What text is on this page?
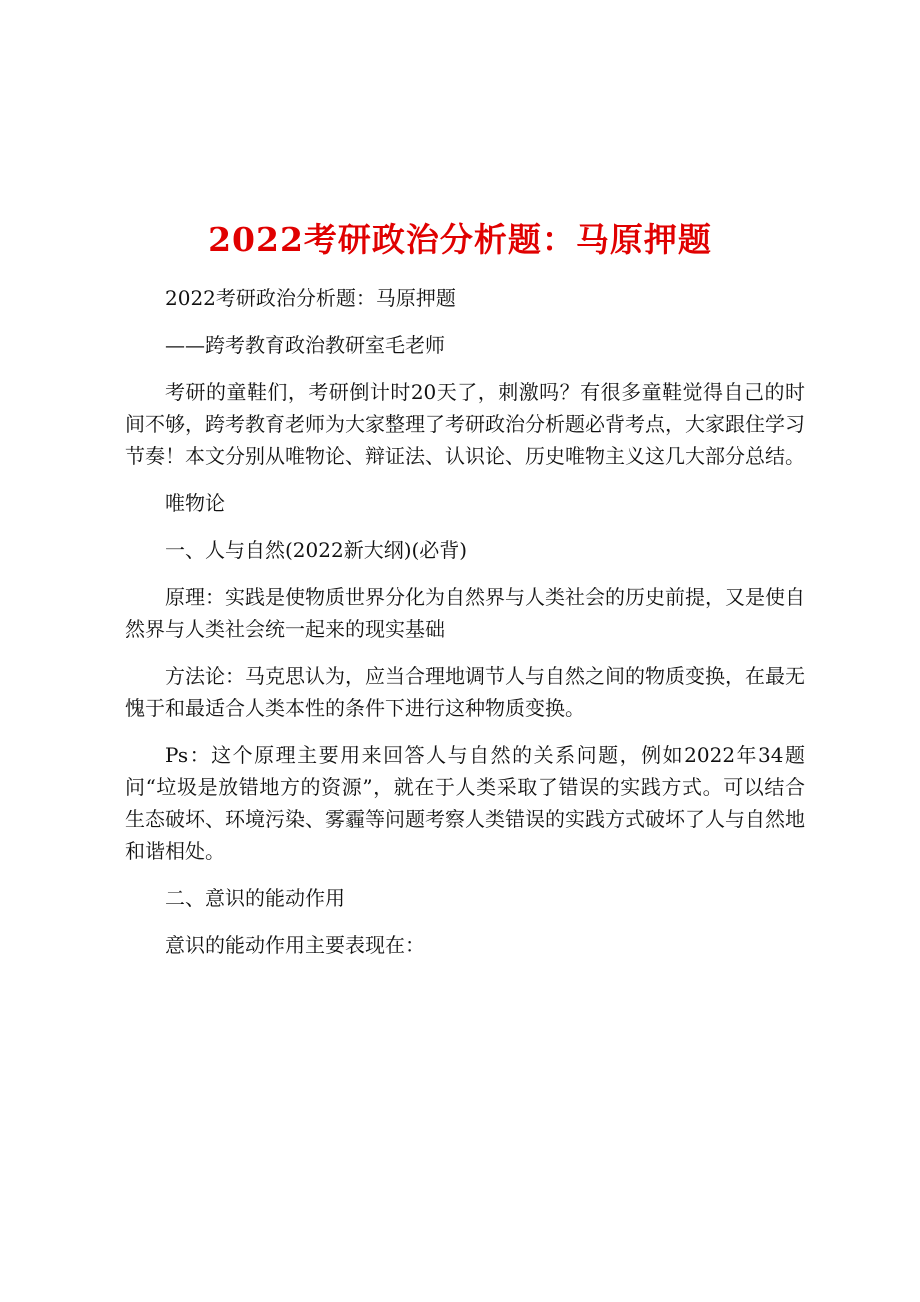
2022考研政治分析题：马原押题

2022考研政治分析题：马原押题

——跨考教育政治教研室毛老师

考研的童鞋们，考研倒计时20天了，刺激吗？有很多童鞋觉得自己的时间不够，跨考教育老师为大家整理了考研政治分析题必背考点，大家跟住学习节奏！本文分别从唯物论、辩证法、认识论、历史唯物主义这几大部分总结。

唯物论

一、人与自然(2022新大纲)(必背)

原理：实践是使物质世界分化为自然界与人类社会的历史前提，又是使自然界与人类社会统一起来的现实基础

方法论：马克思认为，应当合理地调节人与自然之间的物质变换，在最无愧于和最适合人类本性的条件下进行这种物质变换。

Ps：这个原理主要用来回答人与自然的关系问题，例如2022年34题问“垃圾是放错地方的资源”，就在于人类采取了错误的实践方式。可以结合生态破坏、环境污染、雾霾等问题考察人类错误的实践方式破坏了人与自然地和谐相处。

二、意识的能动作用

意识的能动作用主要表现在：
